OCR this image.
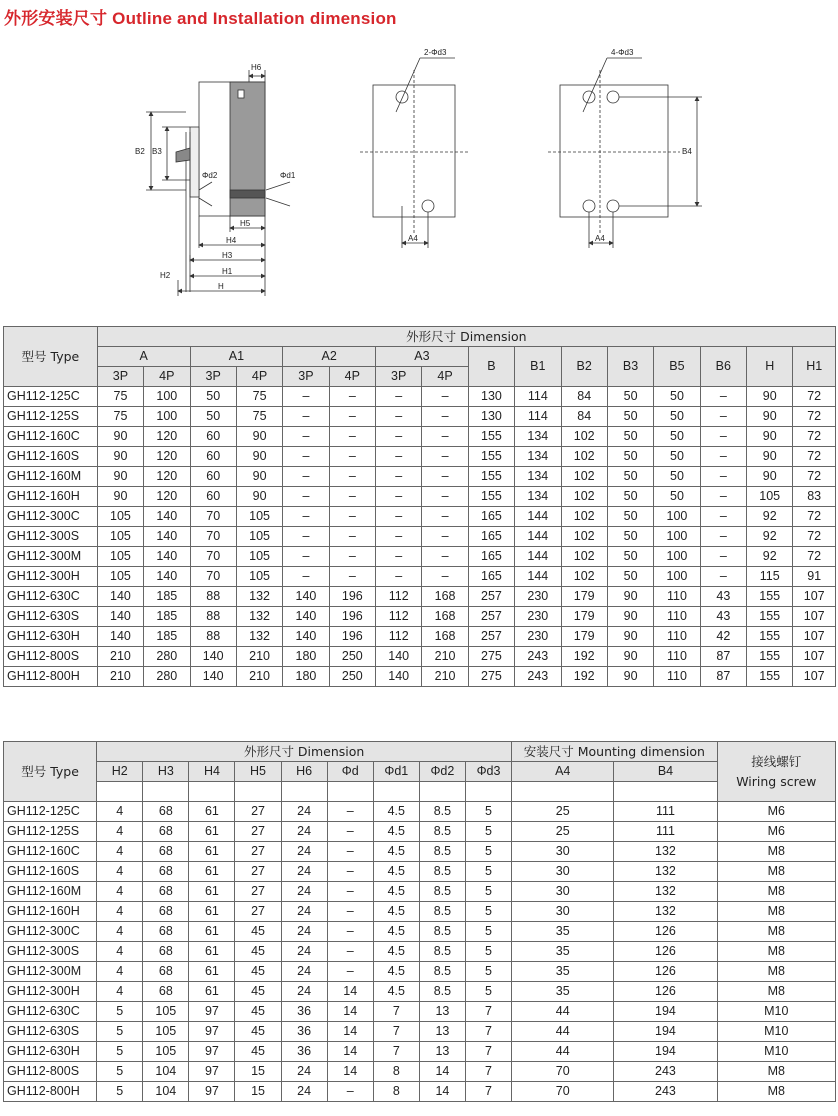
外形安装尺寸 Outline and Installation dimension
H6
B2 B3
Φd2	Φd1
H5
H4
H3
H2	H1
H
2-Φd3
A4
4-Φd3
A4
B4
型号 Type	外形尺寸 Dimension															
	A		A1		A2		A3		B	B1	B2	B3	B5	B6	H	H1
	3P	4P	3P	4P	3P	4P	3P	4P								
GH112-125C	75	100	50	75	–	–	–	–	130	114	84	50	50	–	90	72
GH112-125S	75	100	50	75	–	–	–	–	130	114	84	50	50	–	90	72
GH112-160C	90	120	60	90	–	–	–	–	155	134	102	50	50	–	90	72
GH112-160S	90	120	60	90	–	–	–	–	155	134	102	50	50	–	90	72
GH112-160M	90	120	60	90	–	–	–	–	155	134	102	50	50	–	90	72
GH112-160H	90	120	60	90	–	–	–	–	155	134	102	50	50	–	105	83
GH112-300C	105	140	70	105	–	–	–	–	165	144	102	50	100	–	92	72
GH112-300S	105	140	70	105	–	–	–	–	165	144	102	50	100	–	92	72
GH112-300M	105	140	70	105	–	–	–	–	165	144	102	50	100	–	92	72
GH112-300H	105	140	70	105	–	–	–	–	165	144	102	50	100	–	115	91
GH112-630C	140	185	88	132	140	196	112	168	257	230	179	90	110	43	155	107
GH112-630S	140	185	88	132	140	196	112	168	257	230	179	90	110	43	155	107
GH112-630H	140	185	88	132	140	196	112	168	257	230	179	90	110	42	155	107
GH112-800S	210	280	140	210	180	250	140	210	275	243	192	90	110	87	155	107
GH112-800H	210	280	140	210	180	250	140	210	275	243	192	90	110	87	155	107
型号 Type	外形尺寸 Dimension									安装尺寸 Mounting dimension		接线螺钉
Wiring screw

	H2	H3	H4	H5	H6	Φd	Φd1	Φd2	Φd3	A4	B4	

GH112-125C	4	68	61	27	24	–	4.5	8.5	5	25	111	M6
GH112-125S	4	68	61	27	24	–	4.5	8.5	5	25	111	M6
GH112-160C	4	68	61	27	24	–	4.5	8.5	5	30	132	M8
GH112-160S	4	68	61	27	24	–	4.5	8.5	5	30	132	M8
GH112-160M	4	68	61	27	24	–	4.5	8.5	5	30	132	M8
GH112-160H	4	68	61	27	24	–	4.5	8.5	5	30	132	M8
GH112-300C	4	68	61	45	24	–	4.5	8.5	5	35	126	M8
GH112-300S	4	68	61	45	24	–	4.5	8.5	5	35	126	M8
GH112-300M	4	68	61	45	24	–	4.5	8.5	5	35	126	M8
GH112-300H	4	68	61	45	24	14	4.5	8.5	5	35	126	M8
GH112-630C	5	105	97	45	36	14	7	13	7	44	194	M10
GH112-630S	5	105	97	45	36	14	7	13	7	44	194	M10
GH112-630H	5	105	97	45	36	14	7	13	7	44	194	M10
GH112-800S	5	104	97	15	24	14	8	14	7	70	243	M8
GH112-800H	5	104	97	15	24	–	8	14	7	70	243	M8
